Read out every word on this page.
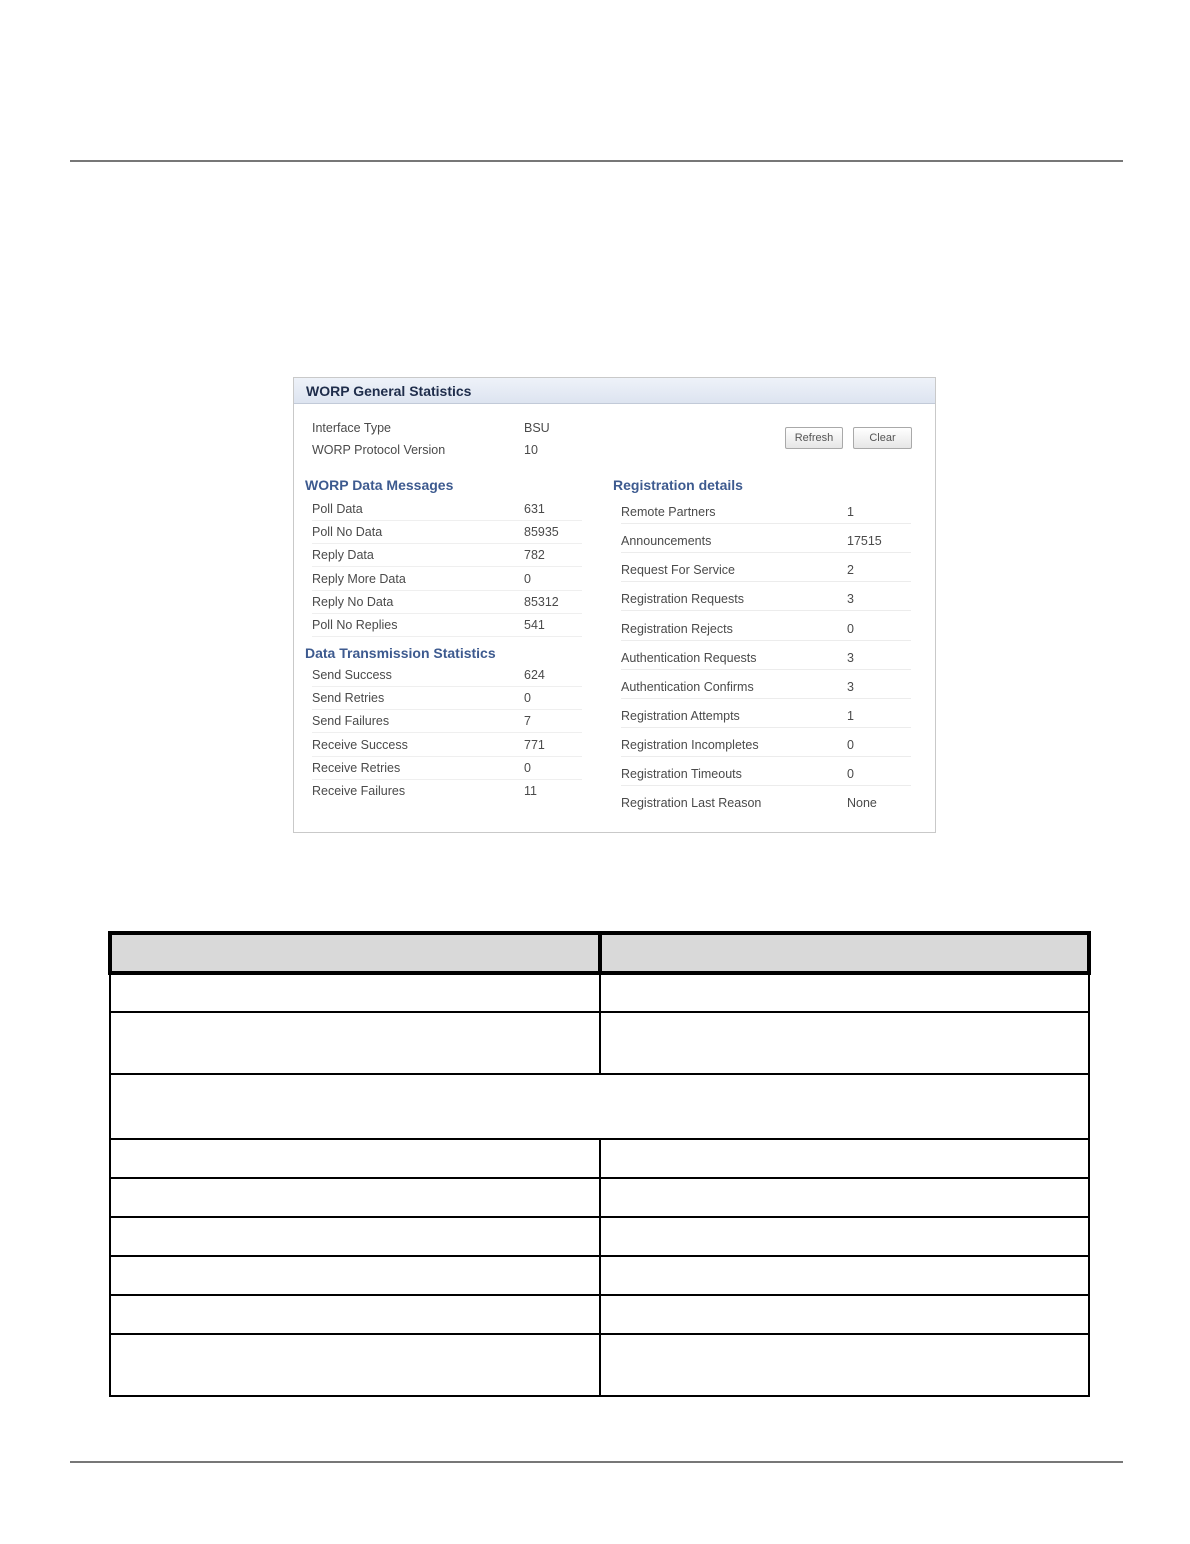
WORP General Statistics
Refresh	Clear
Interface Type	BSU
WORP Protocol Version	10
WORP Data Messages
Poll Data	631
Poll No Data	85935
Reply Data	782
Reply More Data	0
Reply No Data	85312
Poll No Replies	541
Data Transmission Statistics
Send Success	624
Send Retries	0
Send Failures	7
Receive Success	771
Receive Retries	0
Receive Failures	11
Registration details
Remote Partners	1
Announcements	17515
Request For Service	2
Registration Requests	3
Registration Rejects	0
Authentication Requests	3
Authentication Confirms	3
Registration Attempts	1
Registration Incompletes	0
Registration Timeouts	0
Registration Last Reason	None
